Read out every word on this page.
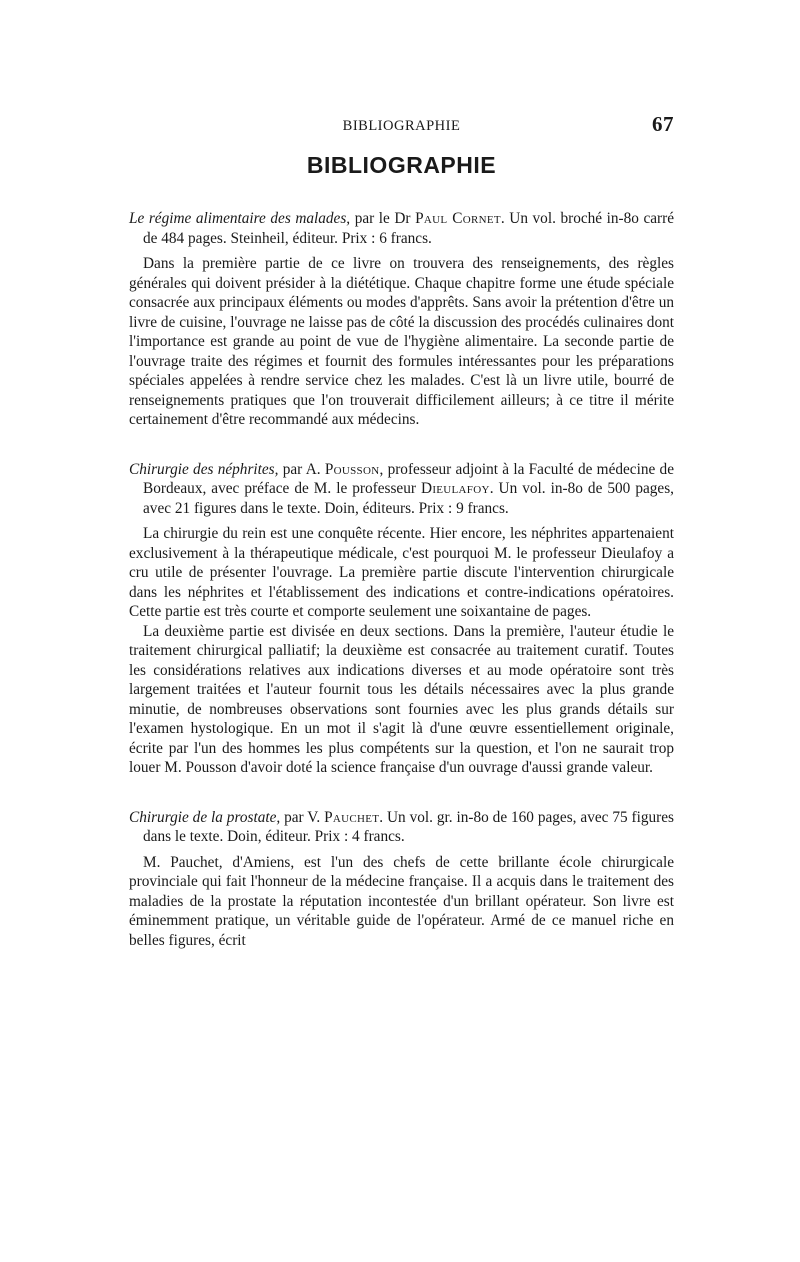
BIBLIOGRAPHIE	67
BIBLIOGRAPHIE

Le régime alimentaire des malades, par le Dr Paul Cornet. Un vol. broché in-8o carré de 484 pages. Steinheil, éditeur. Prix : 6 francs.

Dans la première partie de ce livre on trouvera des renseignements, des règles générales qui doivent présider à la diététique. Chaque chapitre forme une étude spéciale consacrée aux principaux éléments ou modes d'apprêts. Sans avoir la prétention d'être un livre de cuisine, l'ouvrage ne laisse pas de côté la discussion des procédés culinaires dont l'importance est grande au point de vue de l'hygiène alimentaire. La seconde partie de l'ouvrage traite des régimes et fournit des formules intéressantes pour les préparations spéciales appelées à rendre service chez les malades. C'est là un livre utile, bourré de renseignements pratiques que l'on trouverait difficilement ailleurs; à ce titre il mérite certainement d'être recommandé aux médecins.

Chirurgie des néphrites, par A. Pousson, professeur adjoint à la Faculté de médecine de Bordeaux, avec préface de M. le professeur Dieulafoy. Un vol. in-8o de 500 pages, avec 21 figures dans le texte. Doin, éditeurs. Prix : 9 francs.

La chirurgie du rein est une conquête récente. Hier encore, les néphrites appartenaient exclusivement à la thérapeutique médicale, c'est pourquoi M. le professeur Dieulafoy a cru utile de présenter l'ouvrage. La première partie discute l'intervention chirurgicale dans les néphrites et l'établissement des indications et contre-indications opératoires. Cette partie est très courte et comporte seulement une soixantaine de pages.

La deuxième partie est divisée en deux sections. Dans la première, l'auteur étudie le traitement chirurgical palliatif; la deuxième est consacrée au traitement curatif. Toutes les considérations relatives aux indications diverses et au mode opératoire sont très largement traitées et l'auteur fournit tous les détails nécessaires avec la plus grande minutie, de nombreuses observations sont fournies avec les plus grands détails sur l'examen hystologique. En un mot il s'agit là d'une œuvre essentiellement originale, écrite par l'un des hommes les plus compétents sur la question, et l'on ne saurait trop louer M. Pousson d'avoir doté la science française d'un ouvrage d'aussi grande valeur.

Chirurgie de la prostate, par V. Pauchet. Un vol. gr. in-8o de 160 pages, avec 75 figures dans le texte. Doin, éditeur. Prix : 4 francs.

M. Pauchet, d'Amiens, est l'un des chefs de cette brillante école chirurgicale provinciale qui fait l'honneur de la médecine française. Il a acquis dans le traitement des maladies de la prostate la réputation incontestée d'un brillant opérateur. Son livre est éminemment pratique, un véritable guide de l'opérateur. Armé de ce manuel riche en belles figures, écrit
